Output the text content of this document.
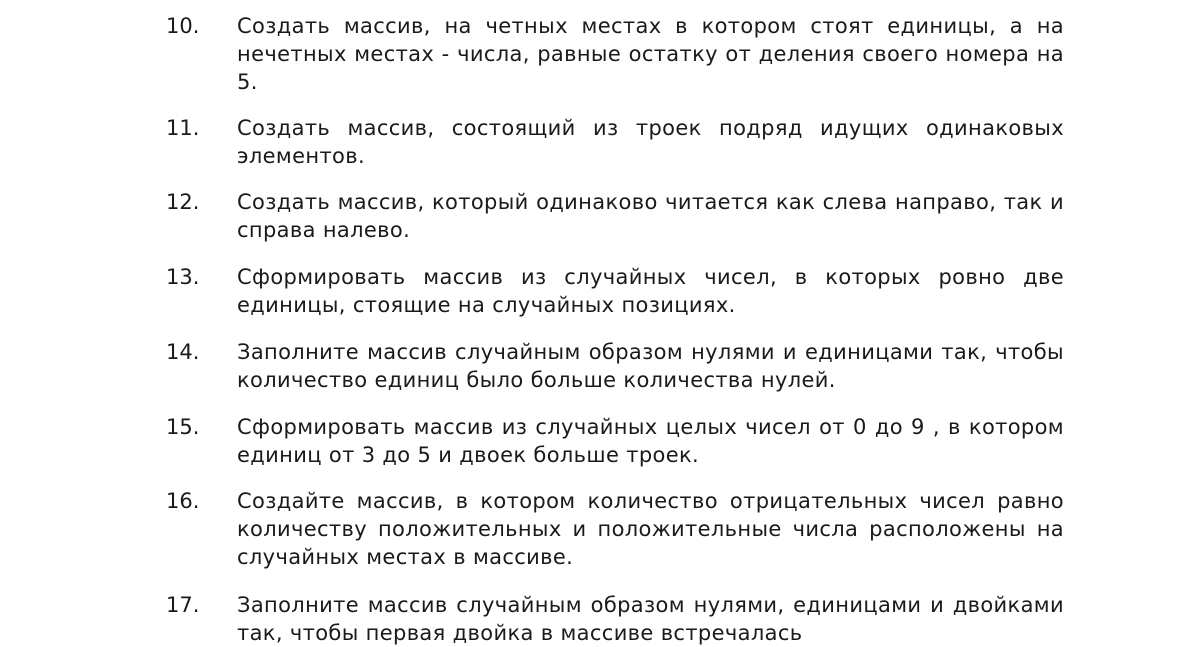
10. Создать массив, на четных местах в котором стоят единицы, а на нечетных местах - числа, равные остатку от деления своего номера на 5.
11. Создать массив, состоящий из троек подряд идущих одинаковых элементов.
12. Создать массив, который одинаково читается как слева направо, так и справа налево.
13. Сформировать массив из случайных чисел, в которых ровно две единицы, стоящие на случайных позициях.
14. Заполните массив случайным образом нулями и единицами так, чтобы количество единиц было больше количества нулей.
15. Сформировать массив из случайных целых чисел от 0 до 9 , в котором единиц от 3 до 5 и двоек больше троек.
16. Создайте массив, в котором количество отрицательных чисел равно количеству положительных и положительные числа расположены на случайных местах в массиве.
17. Заполните массив случайным образом нулями, единицами и двойками так, чтобы первая двойка в массиве встречалась
